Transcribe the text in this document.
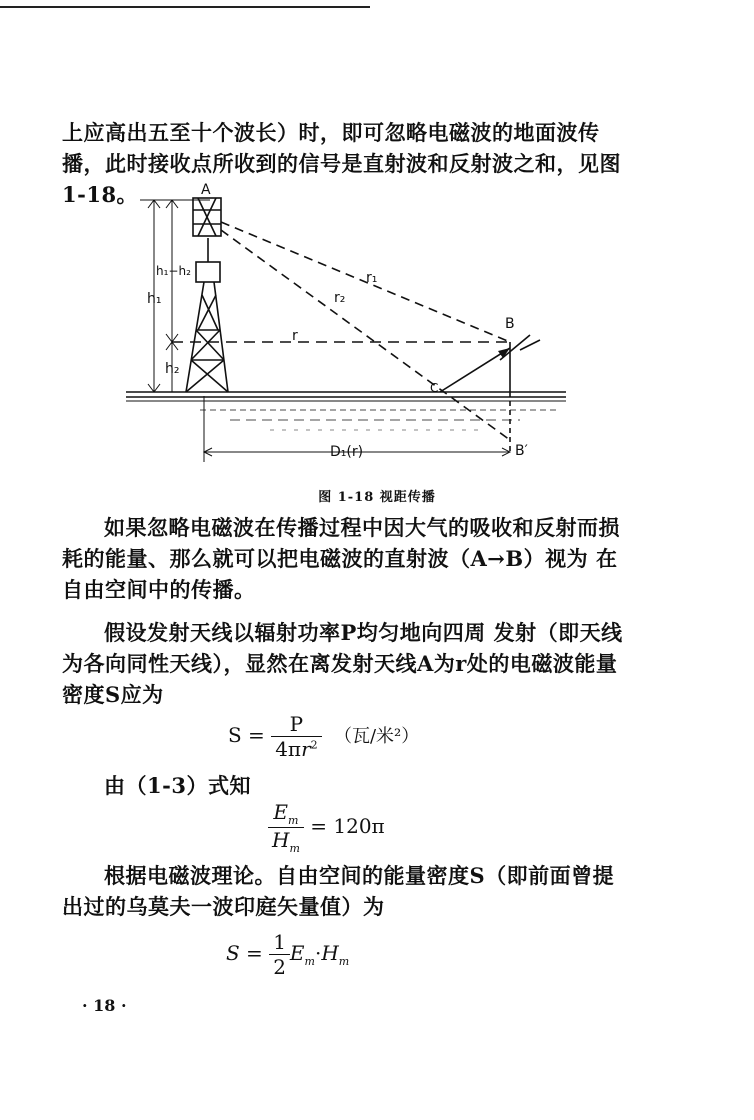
上应高出五至十个波长）时，即可忽略电磁波的地面波传播，此时接收点所收到的信号是直射波和反射波之和，见图1-18。	A
B
B′
C
r₁
r₂
r
h₁
h₂
h₁−h₂
D₁(r)
图 1-18 视距传播

如果忽略电磁波在传播过程中因大气的吸收和反射而损耗的能量、那么就可以把电磁波的直射波（A→B）视为 在自由空间中的传播。

假设发射天线以辐射功率P均匀地向四周 发射（即天线为各向同性天线），显然在离发射天线A为r处的电磁波能量密度S应为

$S = \frac{P}{4\pi r^2}$ （瓦/米²）

由（1-3）式知

$\frac{E_m}{H_m} = 120\pi$

根据电磁波理论。自由空间的能量密度S（即前面曾提出过的乌莫夫一波印庭矢量值）为

$S = \frac{1}{2} E_m\cdot H_m$
· 18 ·
